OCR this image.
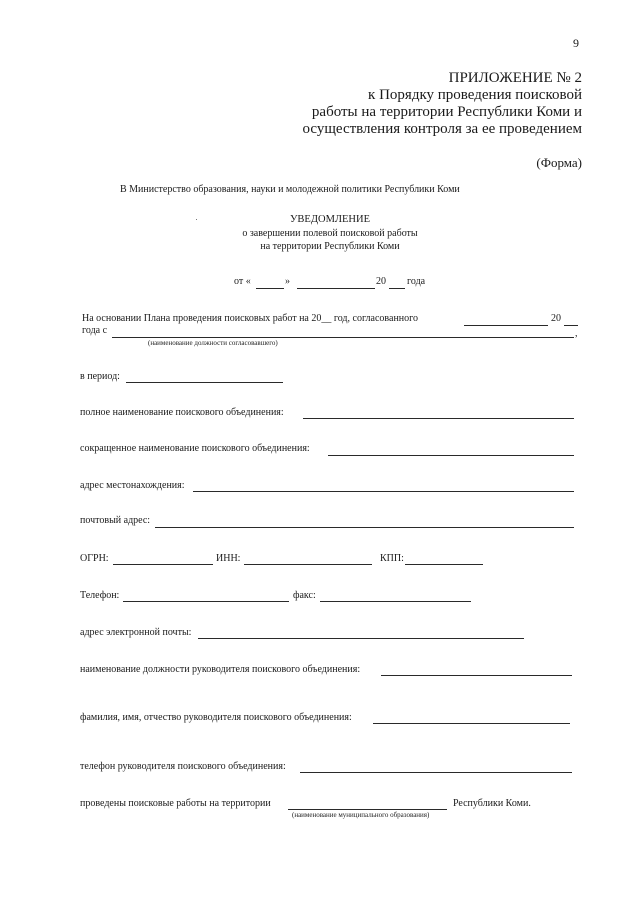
9
ПРИЛОЖЕНИЕ № 2
к Порядку проведения поисковой
работы на территории Республики Коми и
осуществления контроля за ее проведением
(Форма)
В Министерство образования, науки и молодежной политики Республики Коми
УВЕДОМЛЕНИЕ
о завершении полевой поисковой работы
на территории Республики Коми
от «	»	20 года
На основании Плана проведения поисковых работ на 20__ год, согласованного	20
года с	,
(наименование должности согласовавшего)
в период:
полное наименование поискового объединения:
сокращенное наименование поискового объединения:
адрес местонахождения:
почтовый адрес:
ОГРН:	ИНН:	КПП:
Телефон:	факс:
адрес электронной почты:
наименование должности руководителя поискового объединения:
фамилия, имя, отчество руководителя поискового объединения:
телефон руководителя поискового объединения:
проведены поисковые работы на территории	Республики Коми.
(наименование муниципального образования)
